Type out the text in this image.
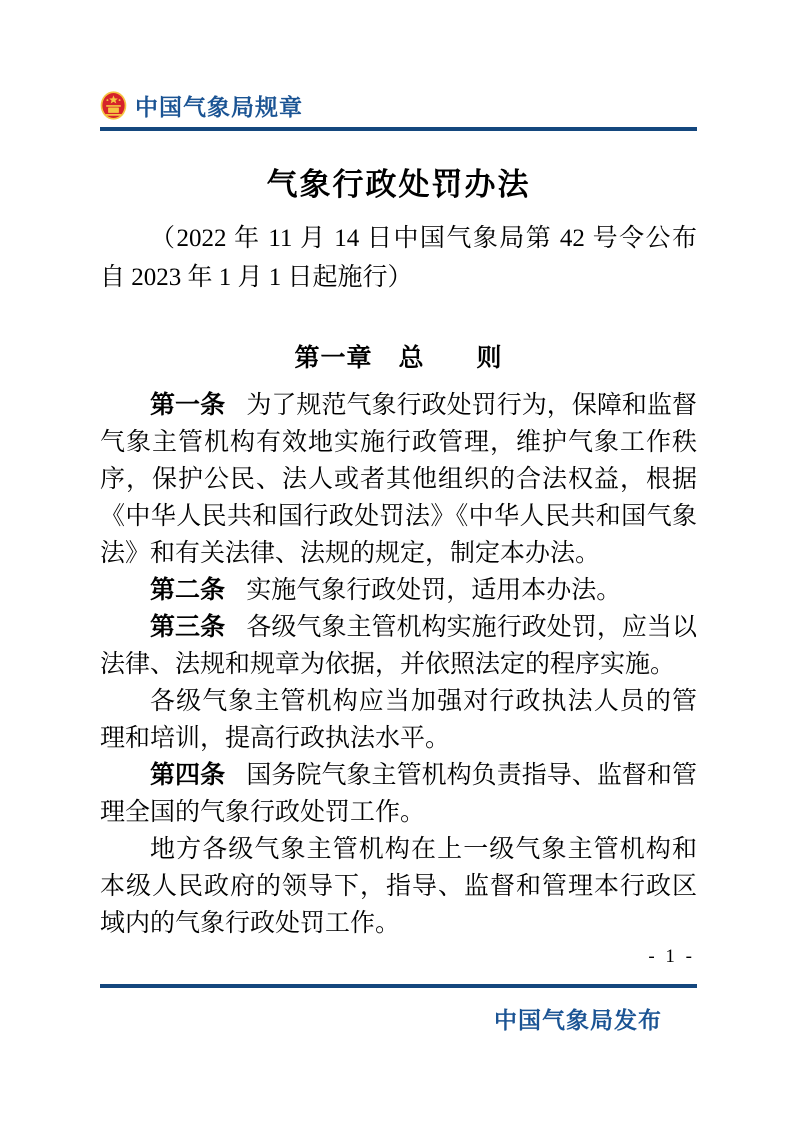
中国气象局规章
气象行政处罚办法

（2022 年 11 月 14 日中国气象局第 42 号令公布　自 2023 年 1 月 1 日起施行）

第一章　总　　则

第一条 为了规范气象行政处罚行为，保障和监督气象主管机构有效地实施行政管理，维护气象工作秩序，保护公民、法人或者其他组织的合法权益，根据《中华人民共和国行政处罚法》《中华人民共和国气象法》和有关法律、法规的规定，制定本办法。

第二条 实施气象行政处罚，适用本办法。

第三条 各级气象主管机构实施行政处罚，应当以法律、法规和规章为依据，并依照法定的程序实施。

各级气象主管机构应当加强对行政执法人员的管理和培训，提高行政执法水平。

第四条 国务院气象主管机构负责指导、监督和管理全国的气象行政处罚工作。

地方各级气象主管机构在上一级气象主管机构和本级人民政府的领导下，指导、监督和管理本行政区域内的气象行政处罚工作。

- 1 -
中国气象局发布
